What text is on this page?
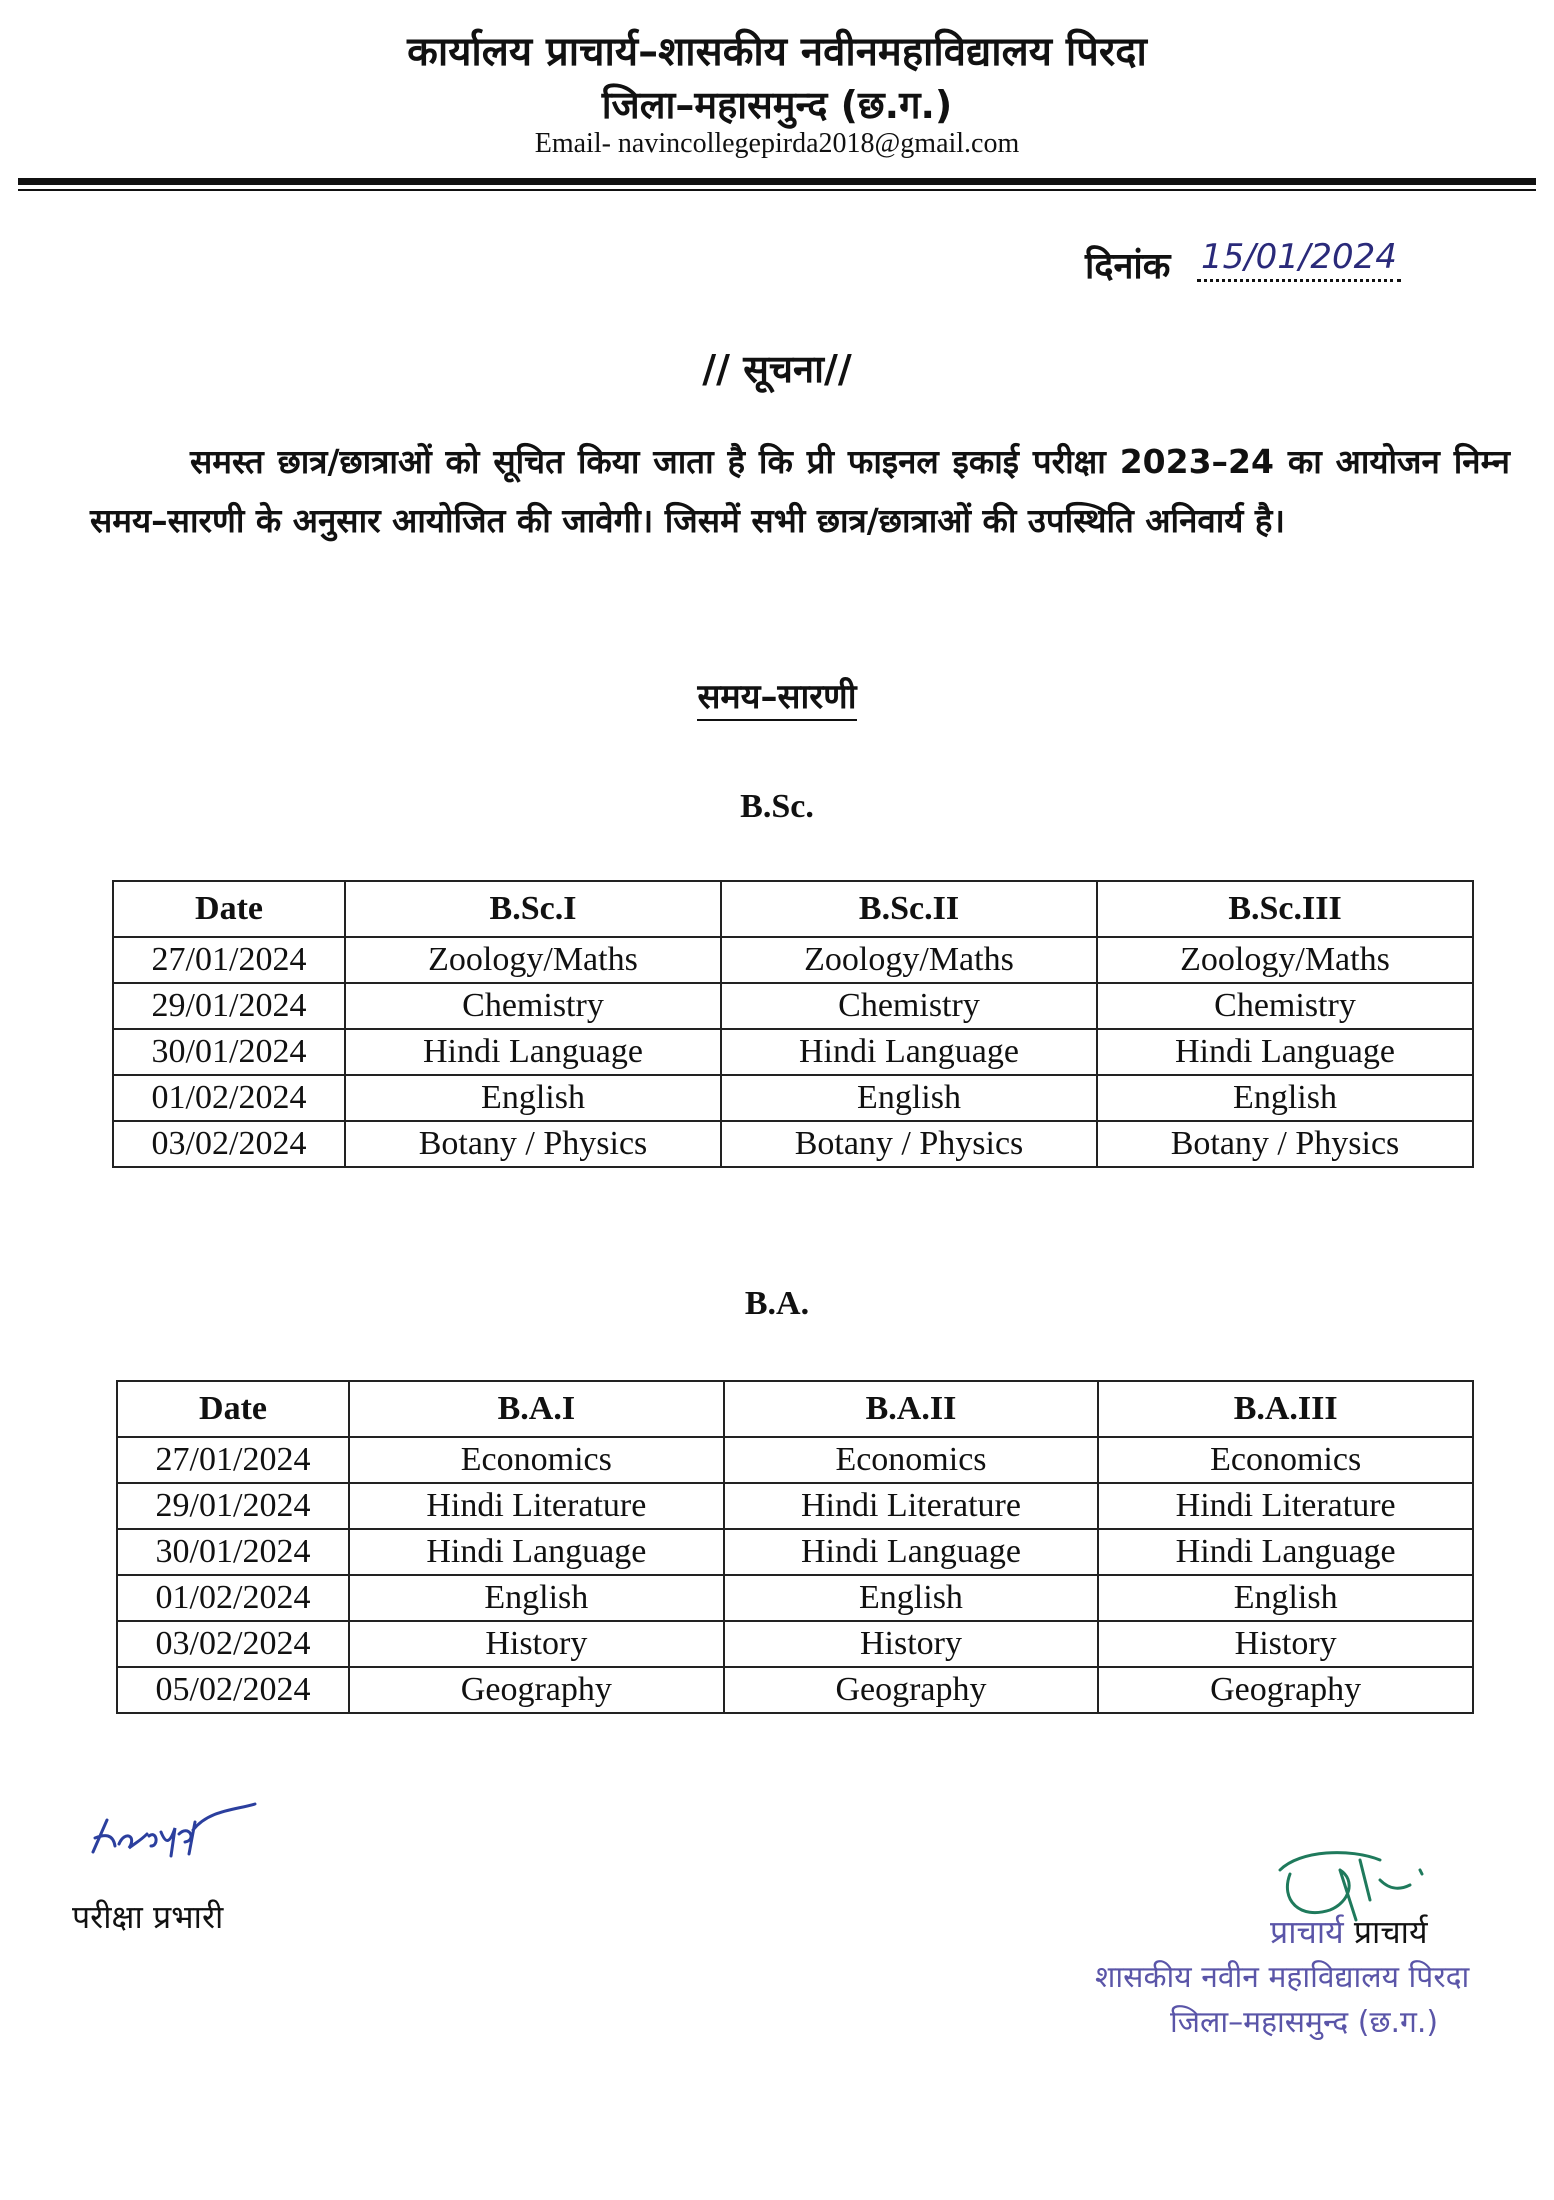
कार्यालय प्राचार्य–शासकीय नवीनमहाविद्यालय पिरदा
जिला–महासमुन्द (छ.ग.)
Email- navincollegepirda2018@gmail.com
दिनांक 15/01/2024
// सूचना//
समस्त छात्र/छात्राओं को सूचित किया जाता है कि प्री फाइनल इकाई परीक्षा 2023–24 का आयोजन निम्न समय–सारणी के अनुसार आयोजित की जावेगी। जिसमें सभी छात्र/छात्राओं की उपस्थिति अनिवार्य है।
समय–सारणी
B.Sc.
Date	B.Sc.I	B.Sc.II	B.Sc.III
27/01/2024	Zoology/Maths	Zoology/Maths	Zoology/Maths
29/01/2024	Chemistry	Chemistry	Chemistry
30/01/2024	Hindi Language	Hindi Language	Hindi Language
01/02/2024	English	English	English
03/02/2024	Botany / Physics	Botany / Physics	Botany / Physics
B.A.
Date	B.A.I	B.A.II	B.A.III
27/01/2024	Economics	Economics	Economics
29/01/2024	Hindi Literature	Hindi Literature	Hindi Literature
30/01/2024	Hindi Language	Hindi Language	Hindi Language
01/02/2024	English	English	English
03/02/2024	History	History	History
05/02/2024	Geography	Geography	Geography
परीक्षा प्रभारी	प्राचार्य प्राचार्य
शासकीय नवीन महाविद्यालय पिरदा
जिला–महासमुन्द (छ.ग.)
